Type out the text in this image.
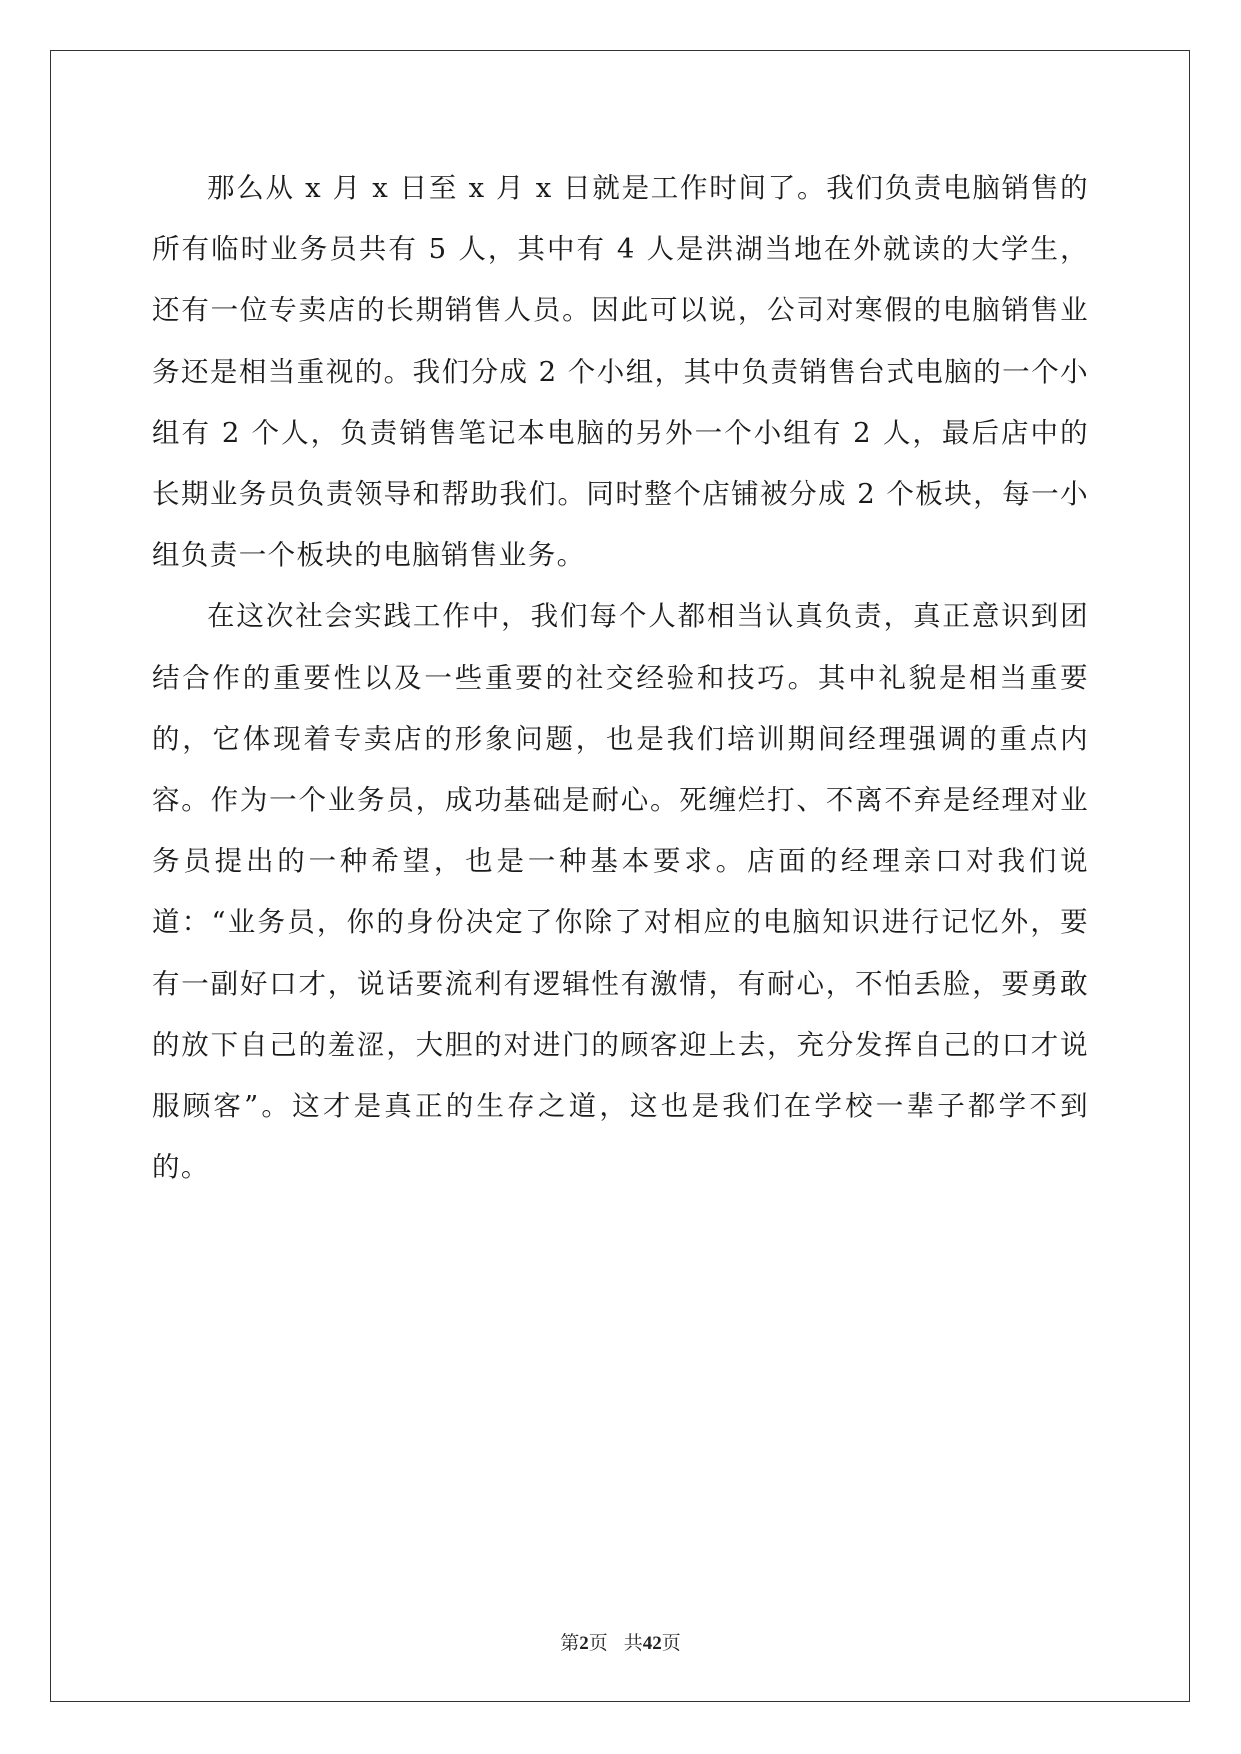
那么从 x 月 x 日至 x 月 x 日就是工作时间了。我们负责电脑销售的所有临时业务员共有 5 人，其中有 4 人是洪湖当地在外就读的大学生，还有一位专卖店的长期销售人员。因此可以说，公司对寒假的电脑销售业务还是相当重视的。我们分成 2 个小组，其中负责销售台式电脑的一个小组有 2 个人，负责销售笔记本电脑的另外一个小组有 2 人，最后店中的长期业务员负责领导和帮助我们。同时整个店铺被分成 2 个板块，每一小组负责一个板块的电脑销售业务。

在这次社会实践工作中，我们每个人都相当认真负责，真正意识到团结合作的重要性以及一些重要的社交经验和技巧。其中礼貌是相当重要的，它体现着专卖店的形象问题，也是我们培训期间经理强调的重点内容。作为一个业务员，成功基础是耐心。死缠烂打、不离不弃是经理对业务员提出的一种希望，也是一种基本要求。店面的经理亲口对我们说道：“业务员，你的身份决定了你除了对相应的电脑知识进行记忆外，要有一副好口才，说话要流利有逻辑性有激情，有耐心，不怕丢脸，要勇敢的放下自己的羞涩，大胆的对进门的顾客迎上去，充分发挥自己的口才说服顾客”。这才是真正的生存之道，这也是我们在学校一辈子都学不到的。

第2页 共42页
